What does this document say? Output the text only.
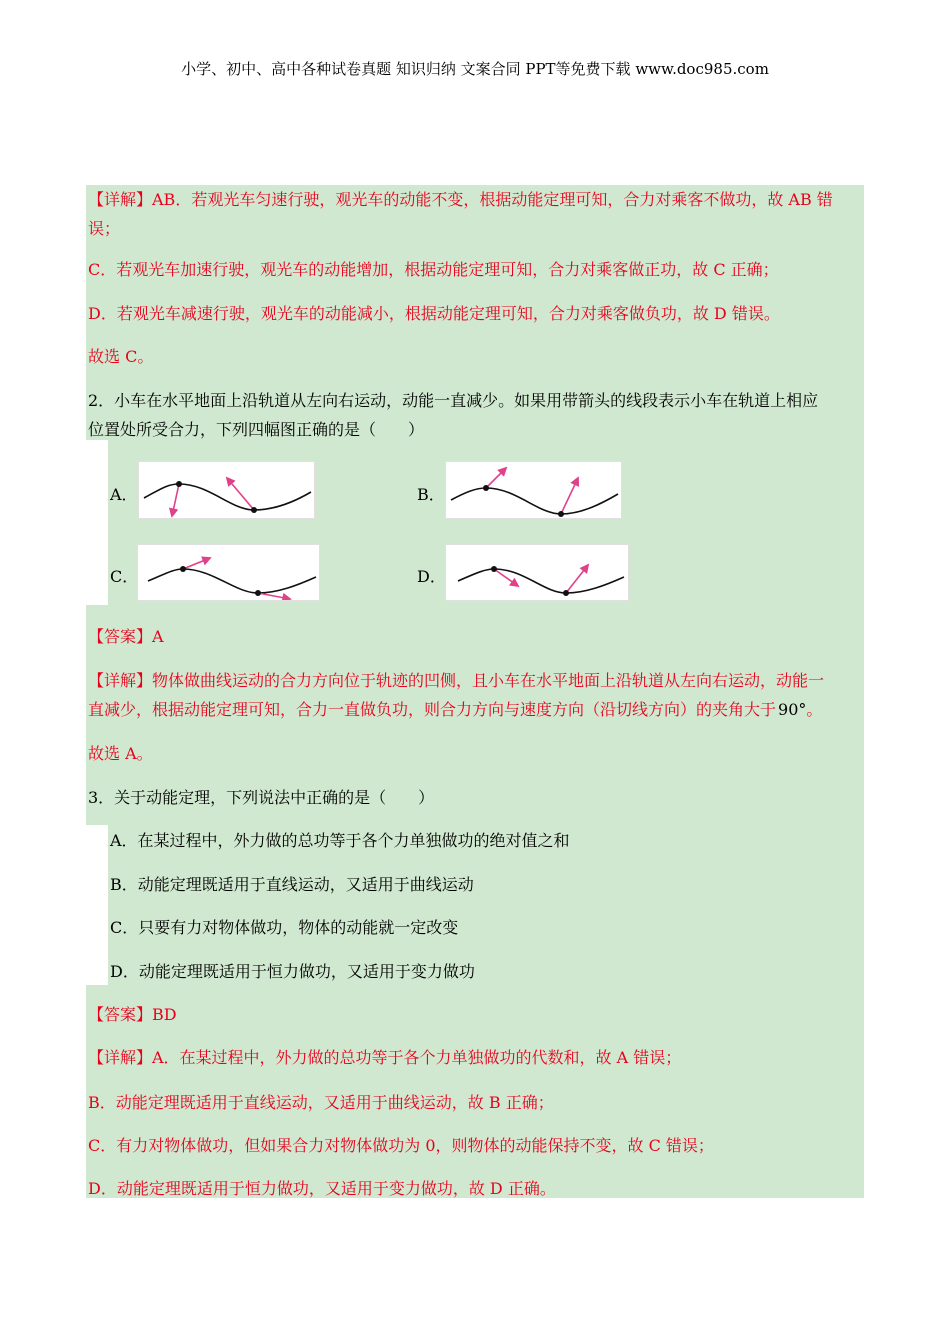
小学、初中、高中各种试卷真题 知识归纳 文案合同 PPT等免费下载 www.doc985.com
【详解】AB．若观光车匀速行驶，观光车的动能不变，根据动能定理可知，合力对乘客不做功，故 AB 错
误；
C．若观光车加速行驶，观光车的动能增加，根据动能定理可知，合力对乘客做正功，故 C 正确；
D．若观光车减速行驶，观光车的动能减小，根据动能定理可知，合力对乘客做负功，故 D 错误。
故选 C。
2．小车在水平地面上沿轨道从左向右运动，动能一直减少。如果用带箭头的线段表示小车在轨道上相应
位置处所受合力，下列四幅图正确的是（　　）
A．	B．
C．	D．
【答案】A
【详解】物体做曲线运动的合力方向位于轨迹的凹侧，且小车在水平地面上沿轨道从左向右运动，动能一
直减少，根据动能定理可知，合力一直做负功，则合力方向与速度方向（沿切线方向）的夹角大于 90°。
故选 A。
3．关于动能定理，下列说法中正确的是（　　）
A．在某过程中，外力做的总功等于各个力单独做功的绝对值之和
B．动能定理既适用于直线运动，又适用于曲线运动
C．只要有力对物体做功，物体的动能就一定改变
D．动能定理既适用于恒力做功，又适用于变力做功
【答案】BD
【详解】A．在某过程中，外力做的总功等于各个力单独做功的代数和，故 A 错误；
B．动能定理既适用于直线运动，又适用于曲线运动，故 B 正确；
C．有力对物体做功，但如果合力对物体做功为 0，则物体的动能保持不变，故 C 错误；
D．动能定理既适用于恒力做功，又适用于变力做功，故 D 正确。
